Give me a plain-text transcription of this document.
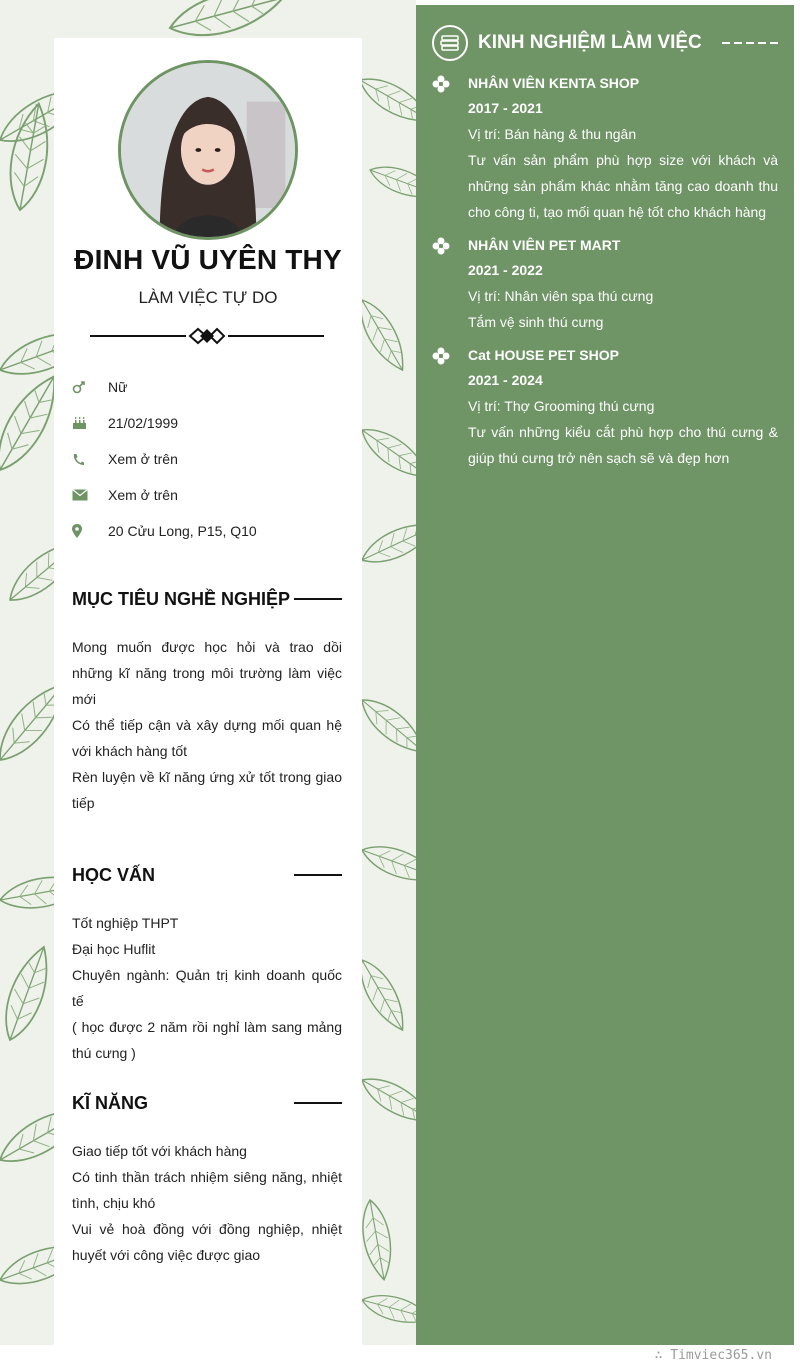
ĐINH VŨ UYÊN THY
LÀM VIỆC TỰ DO
Nữ
21/02/1999
Xem ở trên
Xem ở trên
20 Cửu Long, P15, Q10
MỤC TIÊU NGHỀ NGHIỆP

Mong muốn được học hỏi và trao dồi những kĩ năng trong môi trường làm việc mới

Có thể tiếp cận và xây dựng mối quan hệ với khách hàng tốt

Rèn luyện về kĩ năng ứng xử tốt trong giao tiếp

HỌC VẤN

Tốt nghiệp THPT

Đại học Huflit

Chuyên ngành: Quản trị kinh doanh quốc tế

( học được 2 năm rồi nghỉ làm sang mảng thú cưng )

KĨ NĂNG

Giao tiếp tốt với khách hàng

Có tinh thần trách nhiệm siêng năng, nhiệt tình, chịu khó

Vui vẻ hoà đồng với đồng nghiệp, nhiệt huyết với công việc được giao

KINH NGHIỆM LÀM VIỆC
NHÂN VIÊN KENTA SHOP
2017 - 2021

Vị trí: Bán hàng & thu ngân

Tư vấn sản phẩm phù hợp size với khách và những sản phẩm khác nhằm tăng cao doanh thu cho công ti, tạo mối quan hệ tốt cho khách hàng

NHÂN VIÊN PET MART
2021 - 2022

Vị trí: Nhân viên spa thú cưng

Tắm vệ sinh thú cưng

Cat HOUSE PET SHOP
2021 - 2024

Vị trí: Thợ Grooming thú cưng

Tư vấn những kiểu cắt phù hợp cho thú cưng & giúp thú cưng trở nên sạch sẽ và đẹp hơn

∴ Timviec365.vn
